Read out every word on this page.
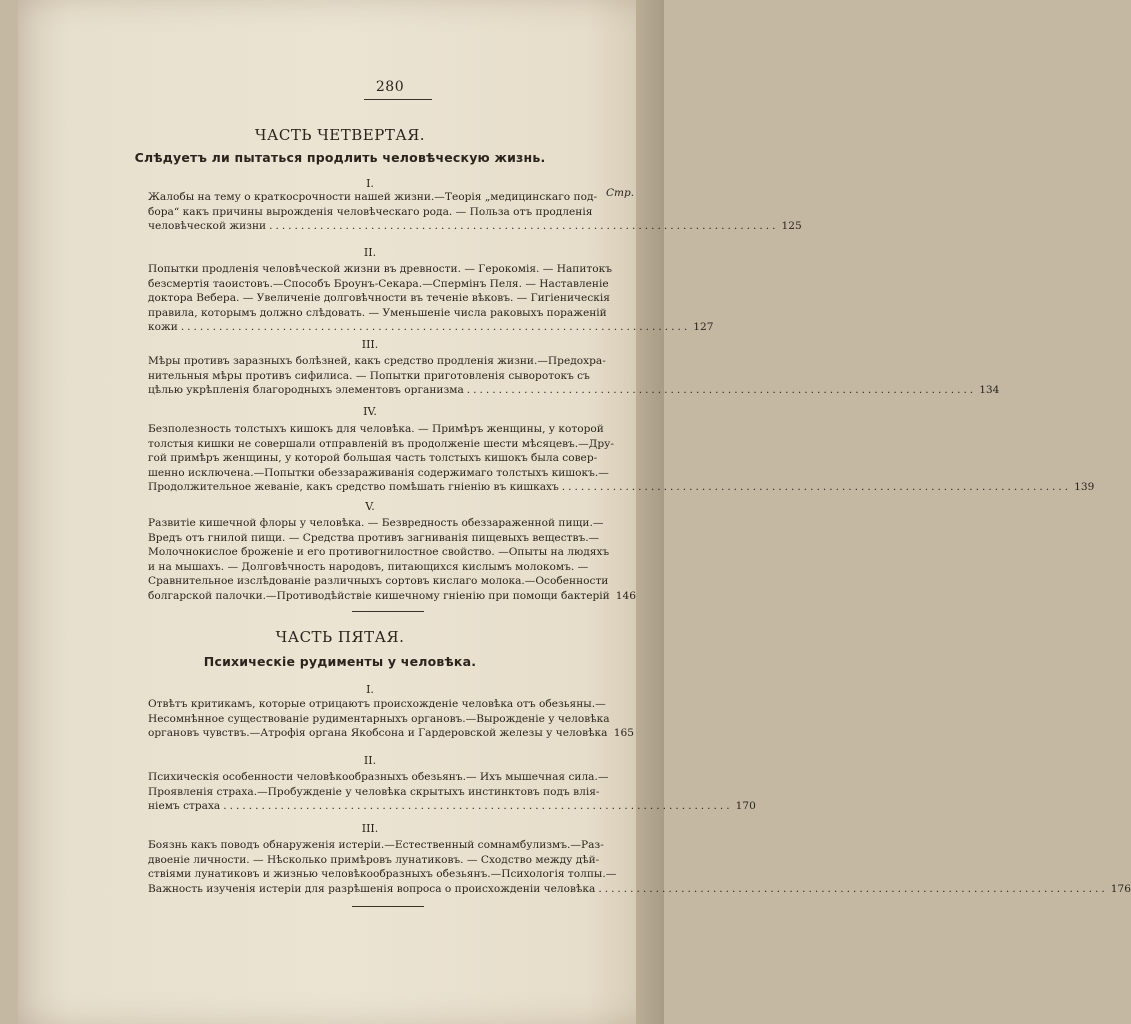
280
ЧАСТЬ ЧЕТВЕРТАЯ.
Слѣдуетъ ли пытаться продлить человѣческую жизнь.
Стр.
I.
Жалобы на тему о краткосрочности нашей жизни.—Теорія „медицинскаго под-
бора“ какъ причины вырожденія человѣческаго рода. — Польза отъ продленія
человѣческой жизни ................................................................................ 125
II.
Попытки продленія человѣческой жизни въ древности. — Герокомія. — Напитокъ
безсмертія таоистовъ.—Способъ Броунъ-Секара.—Спермінъ Пеля. — Наставленіе
доктора Вебера. — Увеличеніе долговѣчности въ теченіе вѣковъ. — Гигіеническія
правила, которымъ должно слѣдовать. — Уменьшеніе числа раковыхъ пораженій
кожи ................................................................................ 127
III.
Мѣры противъ заразныхъ болѣзней, какъ средство продленія жизни.—Предохра-
нительныя мѣры противъ сифилиса. — Попытки приготовленія сыворотокъ съ
цѣлью укрѣпленія благородныхъ элементовъ организма ................................................................................ 134
IV.
Безполезность толстыхъ кишокъ для человѣка. — Примѣръ женщины, у которой
толстыя кишки не совершали отправленій въ продолженіе шести мѣсяцевъ.—Дру-
гой примѣръ женщины, у которой большая часть толстыхъ кишокъ была совер-
шенно исключена.—Попытки обеззараживанія содержимаго толстыхъ кишокъ.—
Продолжительное жеваніе, какъ средство помѣшать гніенію въ кишкахъ ................................................................................ 139
V.
Развитіе кишечной флоры у человѣка. — Безвредность обеззараженной пищи.—
Вредъ отъ гнилой пищи. — Средства противъ загниванія пищевыхъ веществъ.—
Молочнокислое броженіе и его противогнилостное свойство. —Опыты на людяхъ
и на мышахъ. — Долговѣчность народовъ, питающихся кислымъ молокомъ. —
Сравнительное изслѣдованіе различныхъ сортовъ кислаго молока.—Особенности
болгарской палочки.—Противодѣйствіе кишечному гніенію при помощи бактерій 146
ЧАСТЬ ПЯТАЯ.
Психическіе рудименты у человѣка.
I.
Отвѣтъ критикамъ, которые отрицаютъ происхожденіе человѣка отъ обезьяны.—
Несомнѣнное существованіе рудиментарныхъ органовъ.—Вырожденіе у человѣка
органовъ чувствъ.—Атрофія органа Якобсона и Гардеровской железы у человѣка 165
II.
Психическія особенности человѣкообразныхъ обезьянъ.— Ихъ мышечная сила.—
Проявленія страха.—Пробужденіе у человѣка скрытыхъ инстинктовъ подъ влія-
ніемъ страха ................................................................................ 170
III.
Боязнь какъ поводъ обнаруженія истеріи.—Естественный сомнамбулизмъ.—Раз-
двоеніе личности. — Нѣсколько примѣровъ лунатиковъ. — Сходство между дѣй-
ствіями лунатиковъ и жизнью человѣкообразныхъ обезьянъ.—Психологія толпы.—
Важность изученія истеріи для разрѣшенія вопроса о происхожденіи человѣка ................................................................................ 176
